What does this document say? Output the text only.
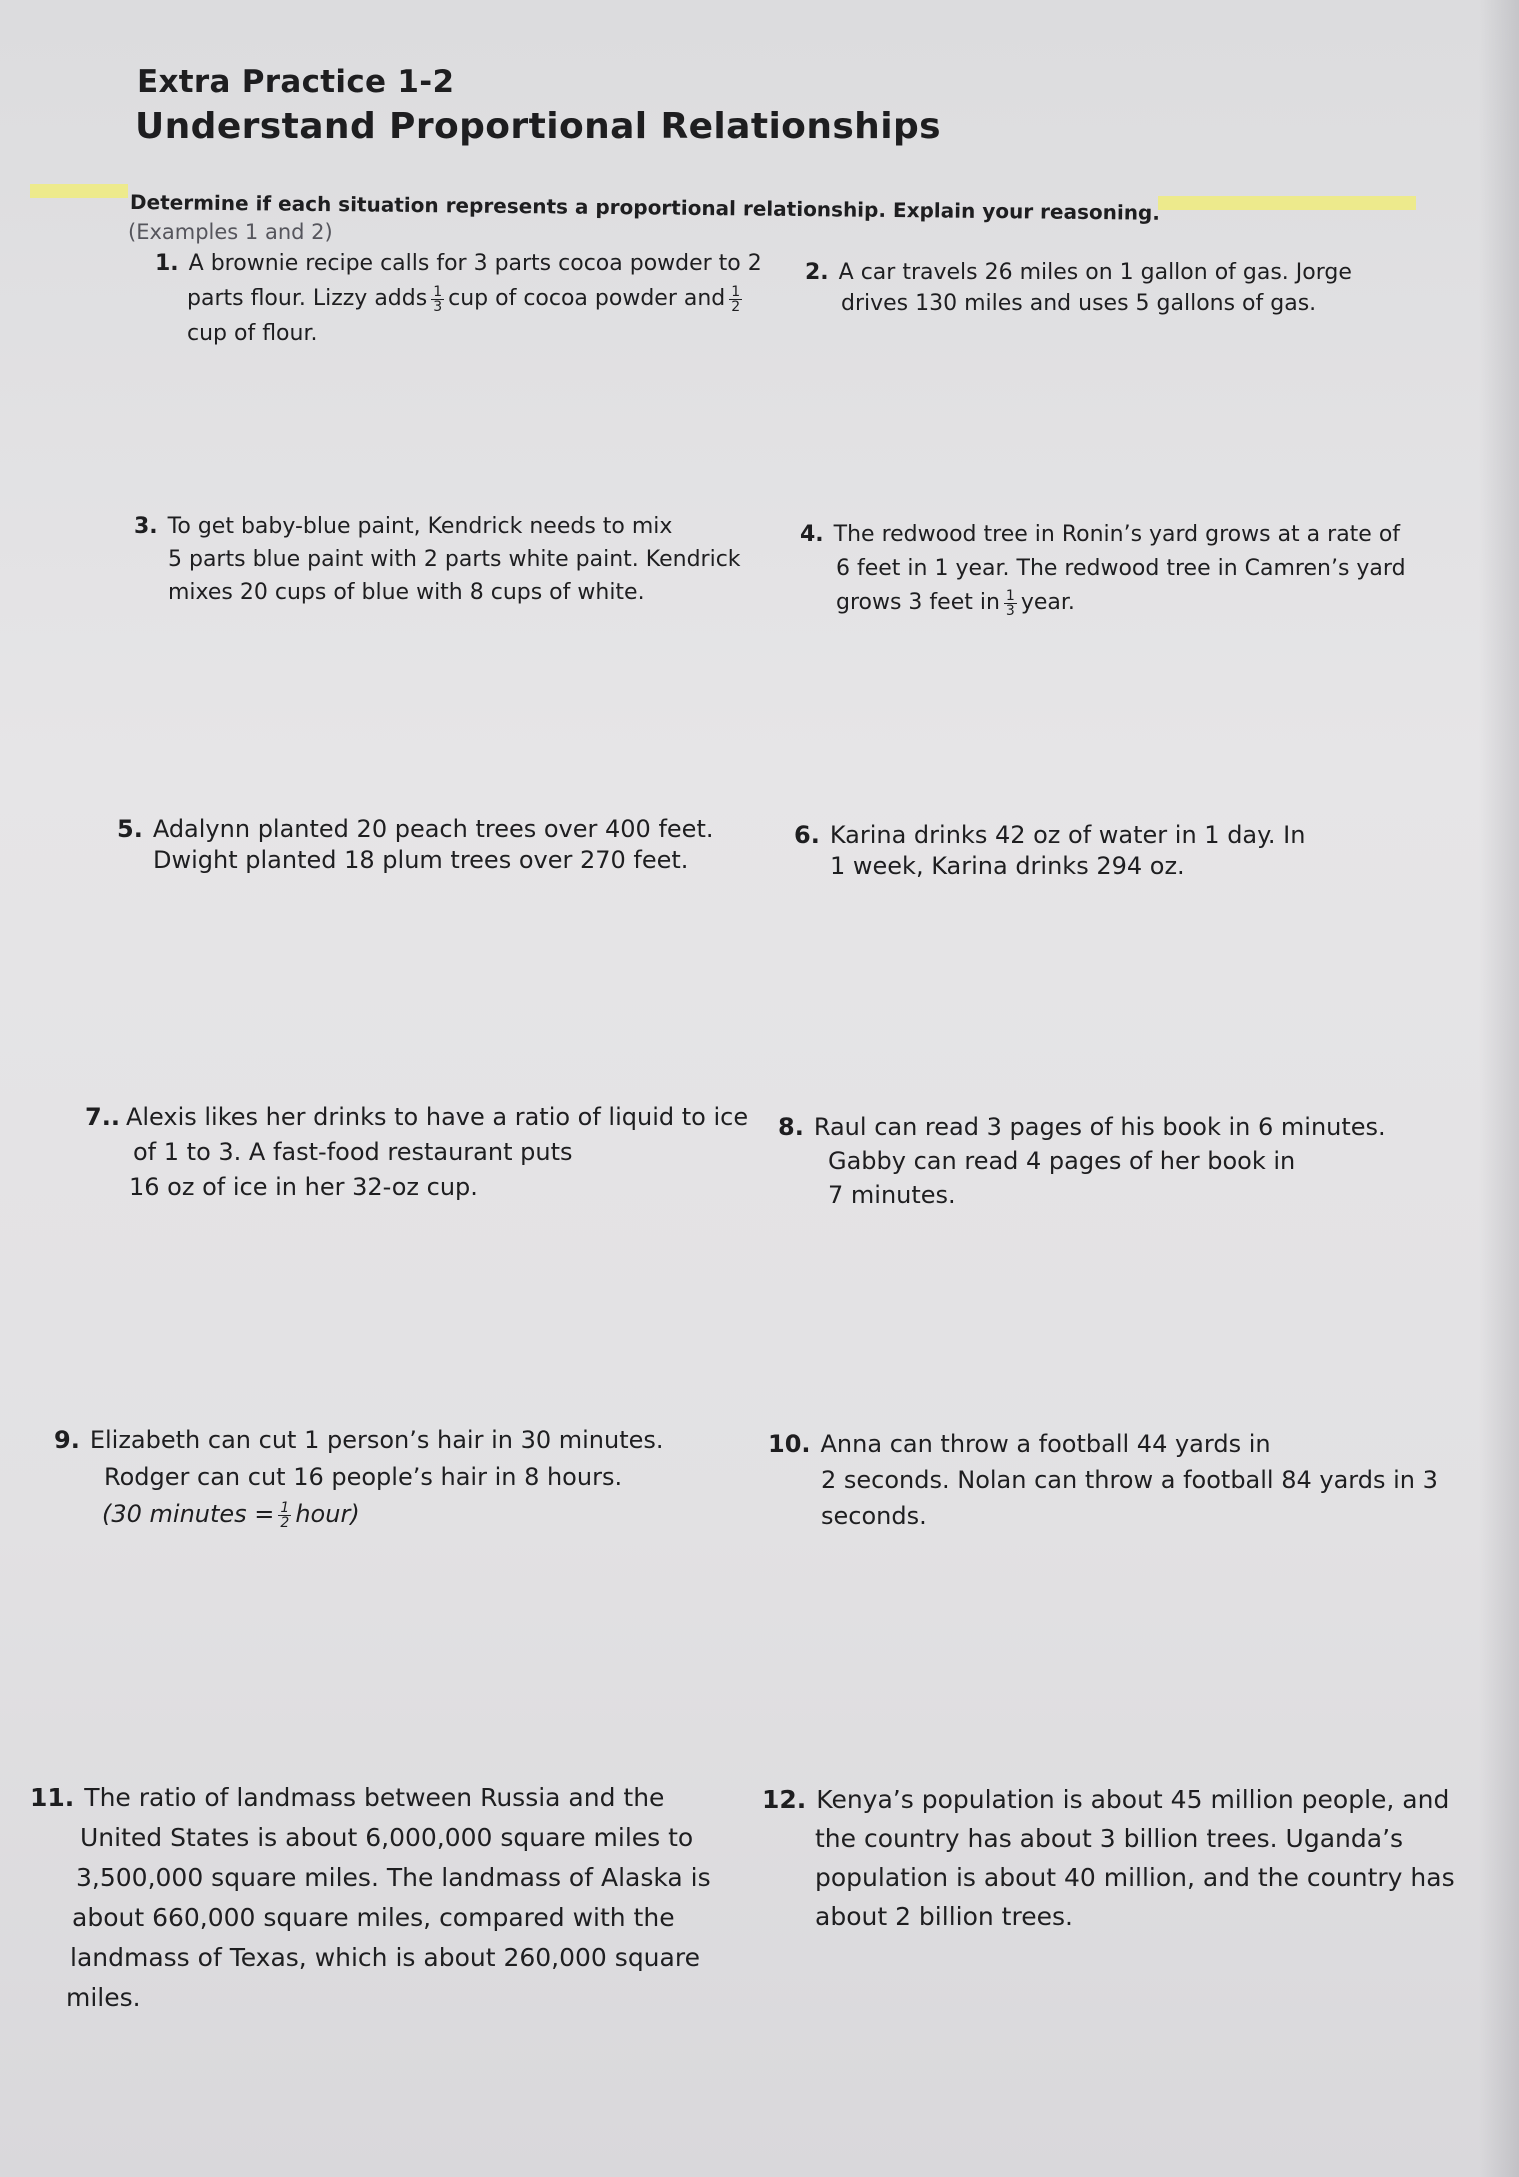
Extra Practice 1-2
Understand Proportional Relationships
Determine if each situation represents a proportional relationship. Explain your reasoning.
(Examples 1 and 2)
1. A brownie recipe calls for 3 parts cocoa powder to 2
parts flour. Lizzy adds $\frac{1}{3}$ cup of cocoa powder and $\frac{1}{2}$
cup of flour.
2. A car travels 26 miles on 1 gallon of gas. Jorge
drives 130 miles and uses 5 gallons of gas.
3. To get baby-blue paint, Kendrick needs to mix
5 parts blue paint with 2 parts white paint. Kendrick
mixes 20 cups of blue with 8 cups of white.
4. The redwood tree in Ronin’s yard grows at a rate of
6 feet in 1 year. The redwood tree in Camren’s yard
grows 3 feet in $\frac{1}{3}$ year.
5. Adalynn planted 20 peach trees over 400 feet.
Dwight planted 18 plum trees over 270 feet.
6. Karina drinks 42 oz of water in 1 day. In
1 week, Karina drinks 294 oz.
7.. Alexis likes her drinks to have a ratio of liquid to ice
of 1 to 3. A fast-food restaurant puts
16 oz of ice in her 32-oz cup.
8. Raul can read 3 pages of his book in 6 minutes.
Gabby can read 4 pages of her book in
7 minutes.
9. Elizabeth can cut 1 person’s hair in 30 minutes.
Rodger can cut 16 people’s hair in 8 hours.
(30 minutes = $\frac{1}{2}$ hour)
10. Anna can throw a football 44 yards in
2 seconds. Nolan can throw a football 84 yards in 3
seconds.
11. The ratio of landmass between Russia and the
United States is about 6,000,000 square miles to
3,500,000 square miles. The landmass of Alaska is
about 660,000 square miles, compared with the
landmass of Texas, which is about 260,000 square
miles.
12. Kenya’s population is about 45 million people, and
the country has about 3 billion trees. Uganda’s
population is about 40 million, and the country has
about 2 billion trees.
